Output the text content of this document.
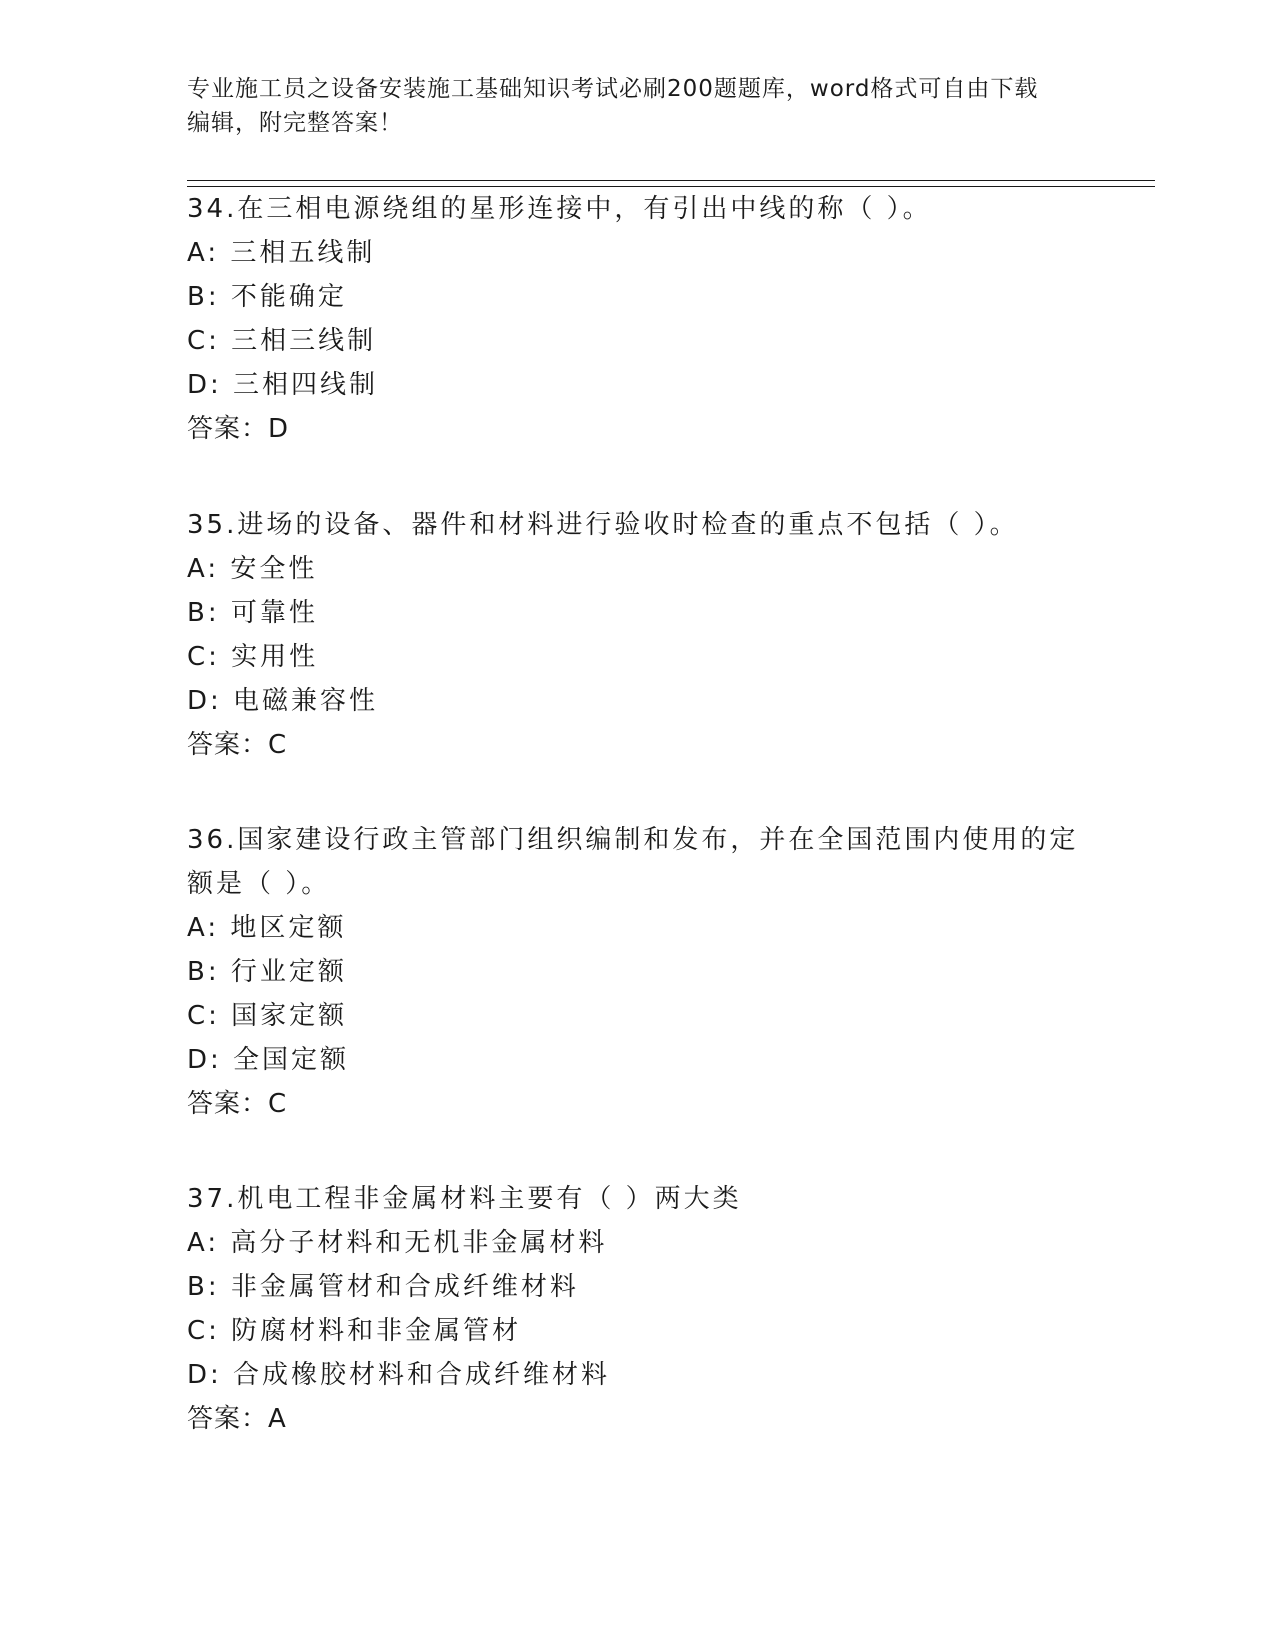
专业施工员之设备安装施工基础知识考试必刷200题题库，word格式可自由下载
编辑，附完整答案！
34.在三相电源绕组的星形连接中，有引出中线的称（ ）。
A: 三相五线制
B: 不能确定
C: 三相三线制
D: 三相四线制
答案：D
35.进场的设备、器件和材料进行验收时检查的重点不包括（ ）。
A: 安全性
B: 可靠性
C: 实用性
D: 电磁兼容性
答案：C
36.国家建设行政主管部门组织编制和发布，并在全国范围内使用的定
额是（ ）。
A: 地区定额
B: 行业定额
C: 国家定额
D: 全国定额
答案：C
37.机电工程非金属材料主要有（ ）两大类
A: 高分子材料和无机非金属材料
B: 非金属管材和合成纤维材料
C: 防腐材料和非金属管材
D: 合成橡胶材料和合成纤维材料
答案：A
